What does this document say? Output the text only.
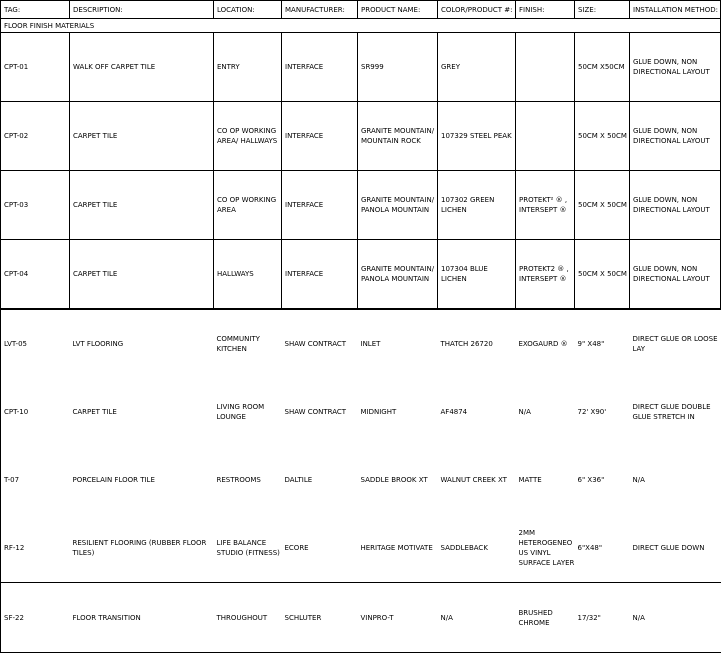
TAG:	DESCRIPTION:	LOCATION:	MANUFACTURER:	PRODUCT NAME:	COLOR/PRODUCT #:	FINISH:	SIZE:	INSTALLATION METHOD:
FLOOR FINISH MATERIALS								
CPT-01	WALK OFF CARPET TILE	ENTRY	INTERFACE	SR999	GREY		50CM X50CM	GLUE DOWN, NON DIRECTIONAL LAYOUT
CPT-02	CARPET TILE	CO OP WORKING AREA/ HALLWAYS	INTERFACE	GRANITE MOUNTAIN/ MOUNTAIN ROCK	107329 STEEL PEAK		50CM X 50CM	GLUE DOWN, NON DIRECTIONAL LAYOUT
CPT-03	CARPET TILE	CO OP WORKING AREA	INTERFACE	GRANITE MOUNTAIN/ PANOLA MOUNTAIN	107302 GREEN LICHEN	PROTEKT² ® , INTERSEPT ®	50CM X 50CM	GLUE DOWN, NON DIRECTIONAL LAYOUT
CPT-04	CARPET TILE	HALLWAYS	INTERFACE	GRANITE MOUNTAIN/ PANOLA MOUNTAIN	107304 BLUE LICHEN	PROTEKT2 ® , INTERSEPT ®	50CM X 50CM	GLUE DOWN, NON DIRECTIONAL LAYOUT
LVT-05	LVT FLOORING	COMMUNITY KITCHEN	SHAW CONTRACT	INLET	THATCH 26720	EXOGAURD ®	9" X48"	DIRECT GLUE OR LOOSE LAY
CPT-10	CARPET TILE	LIVING ROOM LOUNGE	SHAW CONTRACT	MIDNIGHT	AF4874	N/A	72' X90'	DIRECT GLUE DOUBLE GLUE STRETCH IN
T-07	PORCELAIN FLOOR TILE	RESTROOMS	DALTILE	SADDLE BROOK XT	WALNUT CREEK XT	MATTE	6" X36"	N/A
RF-12	RESILIENT FLOORING (RUBBER FLOOR TILES)	LIFE BALANCE STUDIO (FITNESS)	ECORE	HERITAGE MOTIVATE	SADDLEBACK	2MM HETEROGENEO US VINYL SURFACE LAYER	6"X48"	DIRECT GLUE DOWN
SF-22	FLOOR TRANSITION	THROUGHOUT	SCHLUTER	VINPRO-T	N/A	BRUSHED CHROME	17/32"	N/A
